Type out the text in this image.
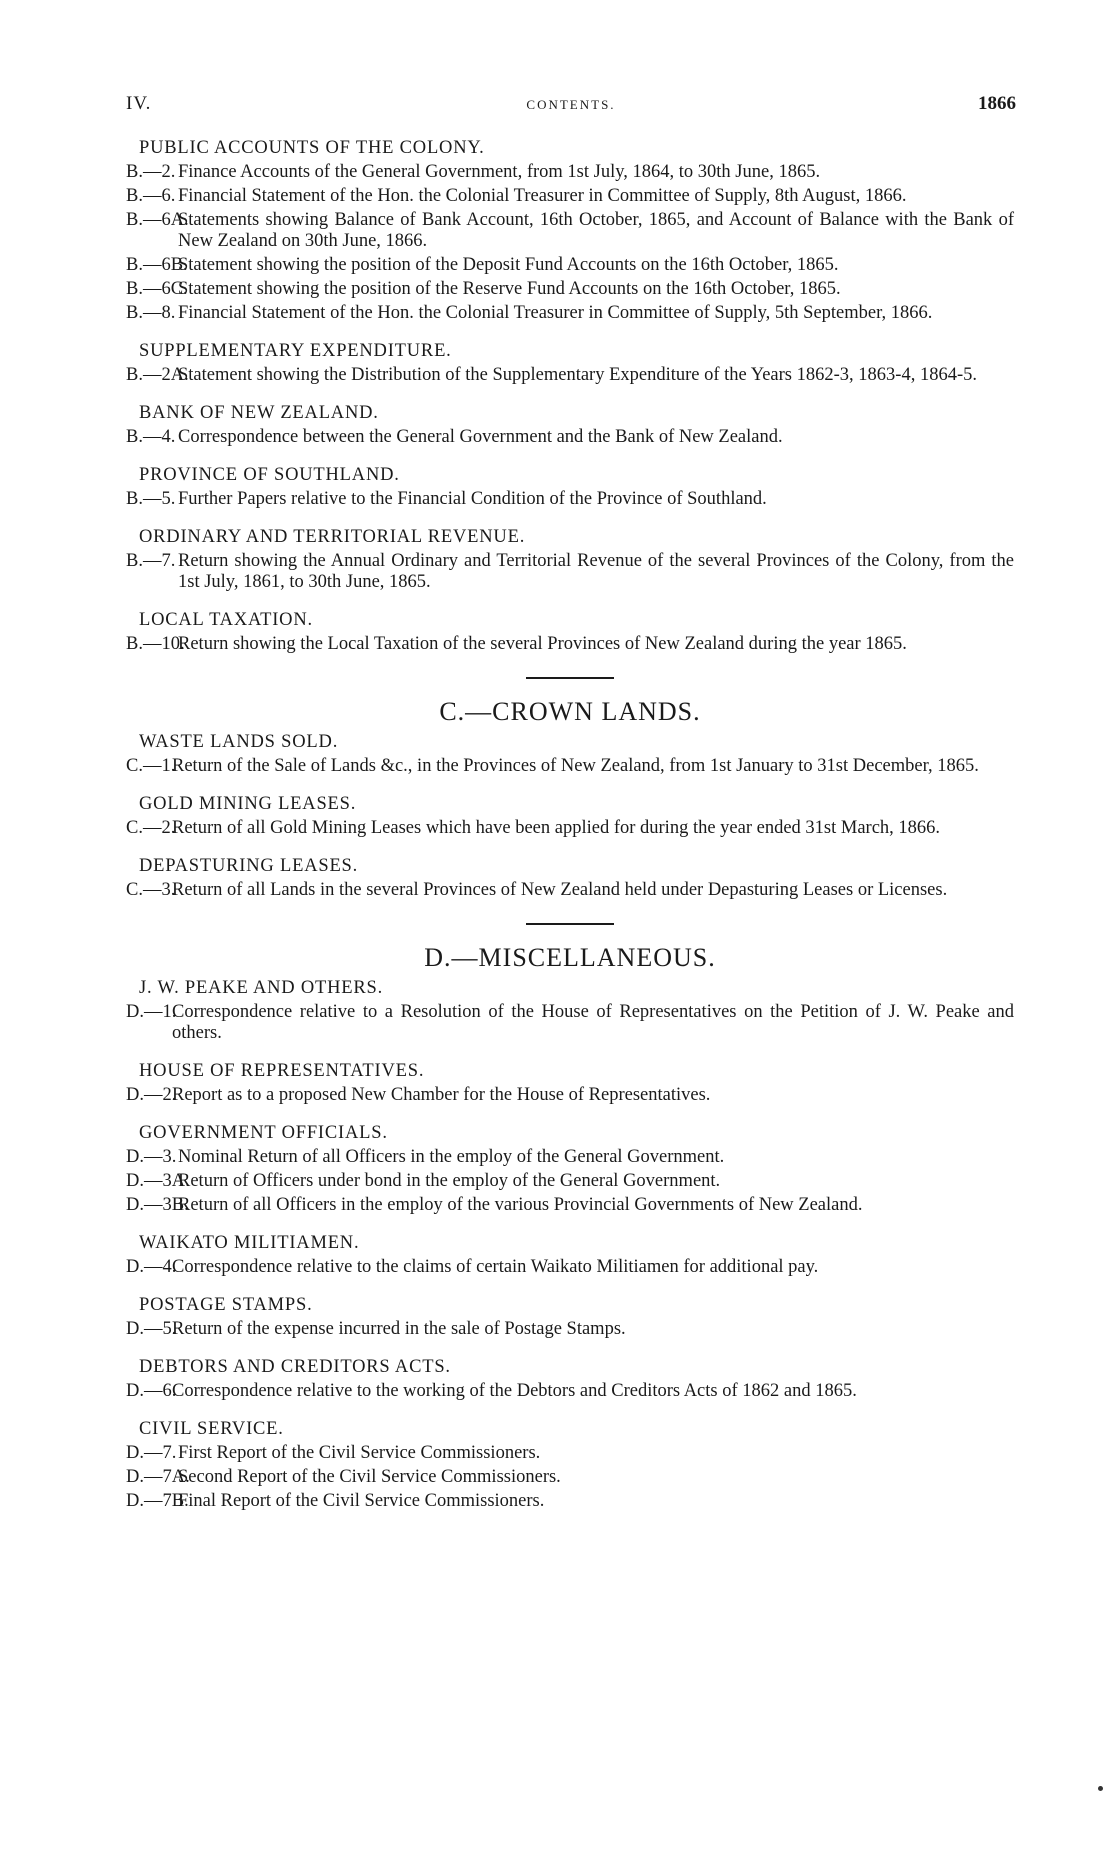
IV.	CONTENTS.	1866
PUBLIC ACCOUNTS OF THE COLONY.
B.—2. Finance Accounts of the General Government, from 1st July, 1864, to 30th June, 1865.
B.—6. Financial Statement of the Hon. the Colonial Treasurer in Committee of Supply, 8th August, 1866.
B.—6A.
Statements showing Balance of Bank Account, 16th October, 1865, and Account of Balance with the Bank of New Zealand on 30th June, 1866.
B.—6B.
Statement showing the position of the Deposit Fund Accounts on the 16th October, 1865.
B.—6C.
Statement showing the position of the Reserve Fund Accounts on the 16th October, 1865.
B.—8. Financial Statement of the Hon. the Colonial Treasurer in Committee of Supply, 5th September, 1866.
SUPPLEMENTARY EXPENDITURE.
B.—2A.
Statement showing the Distribution of the Supplementary Expenditure of the Years 1862-3, 1863-4, 1864-5.
BANK OF NEW ZEALAND.
B.—4. Correspondence between the General Government and the Bank of New Zealand.
PROVINCE OF SOUTHLAND.
B.—5. Further Papers relative to the Financial Condition of the Province of Southland.
ORDINARY AND TERRITORIAL REVENUE.
B.—7. Return showing the Annual Ordinary and Territorial Revenue of the several Provinces of the Colony, from the 1st July, 1861, to 30th June, 1865.
LOCAL TAXATION.
B.—10.
Return showing the Local Taxation of the several Provinces of New Zealand during the year 1865.
C.—CROWN LANDS.
WASTE LANDS SOLD.
C.—1.
Return of the Sale of Lands &c., in the Provinces of New Zealand, from 1st January to 31st December, 1865.
GOLD MINING LEASES.
C.—2.
Return of all Gold Mining Leases which have been applied for during the year ended 31st March, 1866.
DEPASTURING LEASES.
C.—3.
Return of all Lands in the several Provinces of New Zealand held under Depasturing Leases or Licenses.
D.—MISCELLANEOUS.
J. W. PEAKE AND OTHERS.
D.—1.
Correspondence relative to a Resolution of the House of Representatives on the Petition of J. W. Peake and others.
HOUSE OF REPRESENTATIVES.
D.—2.
Report as to a proposed New Chamber for the House of Representatives.
GOVERNMENT OFFICIALS.
D.—3. Nominal Return of all Officers in the employ of the General Government.
D.—3A.
Return of Officers under bond in the employ of the General Government.
D.—3B.
Return of all Officers in the employ of the various Provincial Governments of New Zealand.
WAIKATO MILITIAMEN.
D.—4.
Correspondence relative to the claims of certain Waikato Militiamen for additional pay.
POSTAGE STAMPS.
D.—5.
Return of the expense incurred in the sale of Postage Stamps.
DEBTORS AND CREDITORS ACTS.
D.—6.
Correspondence relative to the working of the Debtors and Creditors Acts of 1862 and 1865.
CIVIL SERVICE.
D.—7. First Report of the Civil Service Commissioners.
D.—7A.
Second Report of the Civil Service Commissioners.
D.—7B.
Final Report of the Civil Service Commissioners.
